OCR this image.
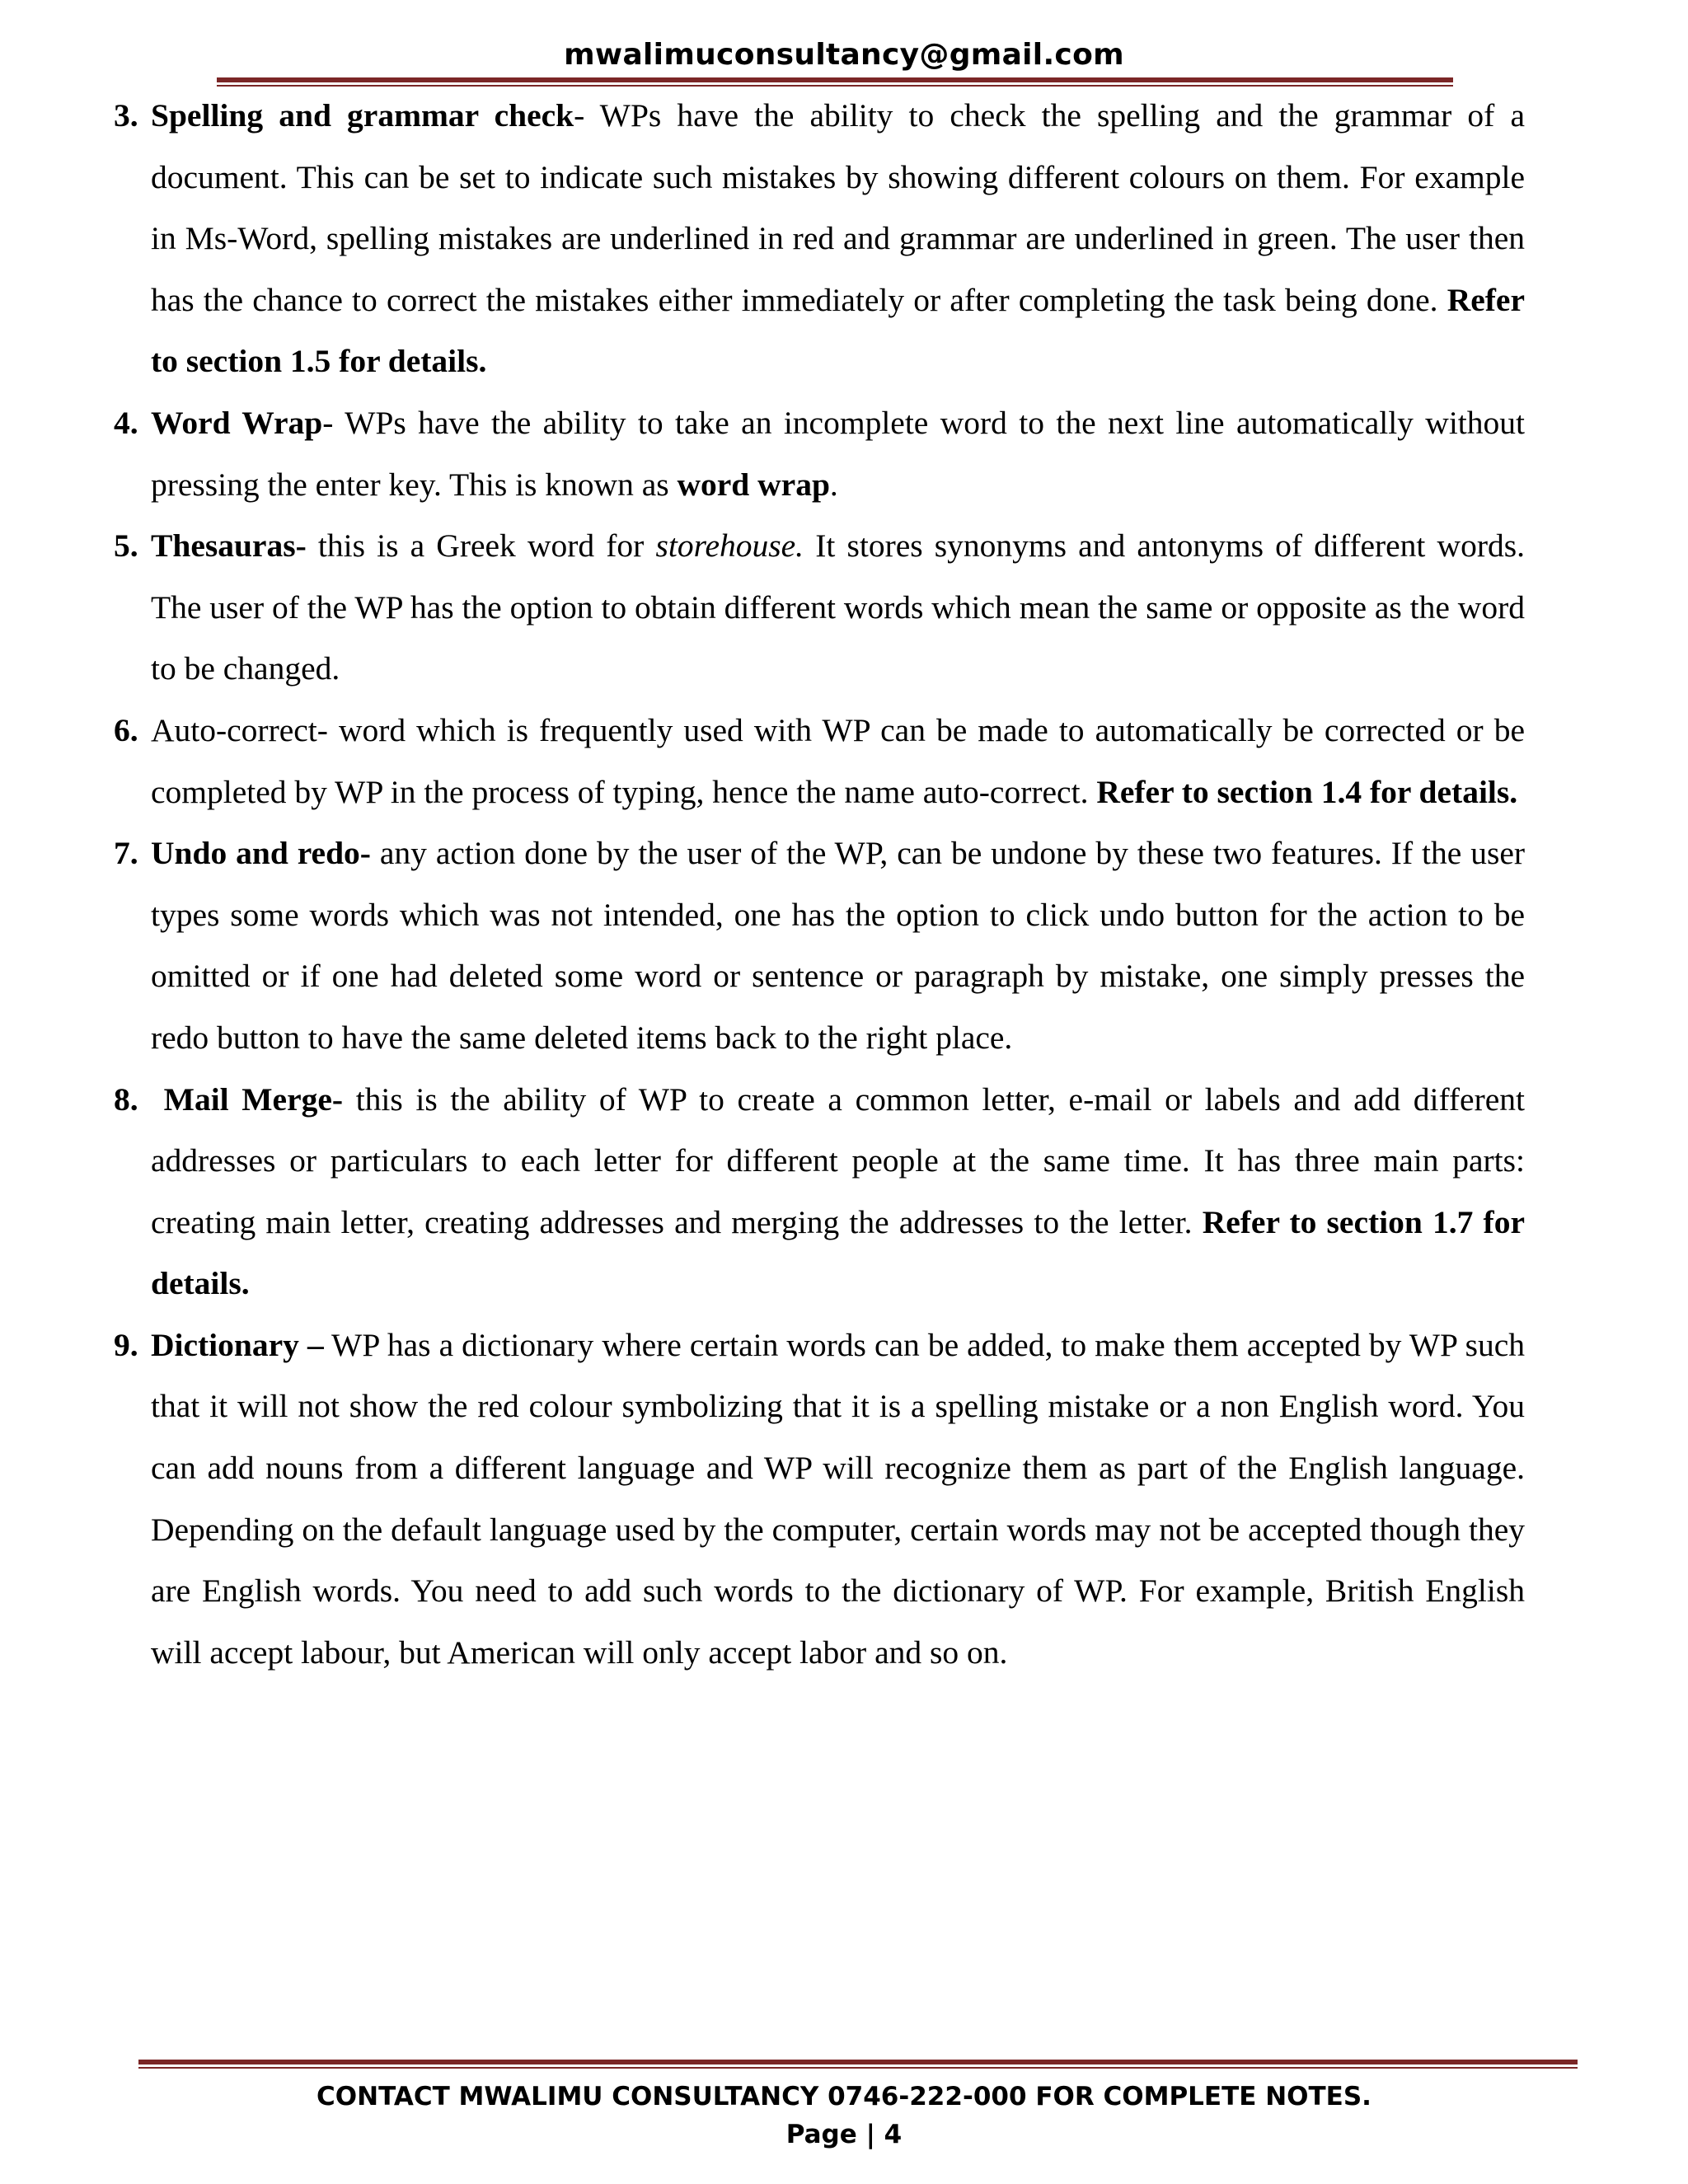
mwalimuconsultancy@gmail.com
3. Spelling and grammar check- WPs have the ability to check the spelling and the grammar of a document. This can be set to indicate such mistakes by showing different colours on them. For example in Ms-Word, spelling mistakes are underlined in red and grammar are underlined in green. The user then has the chance to correct the mistakes either immediately or after completing the task being done. Refer to section 1.5 for details.
4. Word Wrap- WPs have the ability to take an incomplete word to the next line automatically without pressing the enter key. This is known as word wrap.
5. Thesauras- this is a Greek word for storehouse. It stores synonyms and antonyms of different words. The user of the WP has the option to obtain different words which mean the same or opposite as the word to be changed.
6. Auto-correct- word which is frequently used with WP can be made to automatically be corrected or be completed by WP in the process of typing, hence the name auto-correct. Refer to section 1.4 for details.
7. Undo and redo- any action done by the user of the WP, can be undone by these two features. If the user types some words which was not intended, one has the option to click undo button for the action to be omitted or if one had deleted some word or sentence or paragraph by mistake, one simply presses the redo button to have the same deleted items back to the right place.
8. Mail Merge- this is the ability of WP to create a common letter, e-mail or labels and add different addresses or particulars to each letter for different people at the same time. It has three main parts: creating main letter, creating addresses and merging the addresses to the letter. Refer to section 1.7 for details.
9. Dictionary – WP has a dictionary where certain words can be added, to make them accepted by WP such that it will not show the red colour symbolizing that it is a spelling mistake or a non English word. You can add nouns from a different language and WP will recognize them as part of the English language. Depending on the default language used by the computer, certain words may not be accepted though they are English words. You need to add such words to the dictionary of WP. For example, British English will accept labour, but American will only accept labor and so on.
CONTACT MWALIMU CONSULTANCY 0746-222-000 FOR COMPLETE NOTES.
Page | 4
